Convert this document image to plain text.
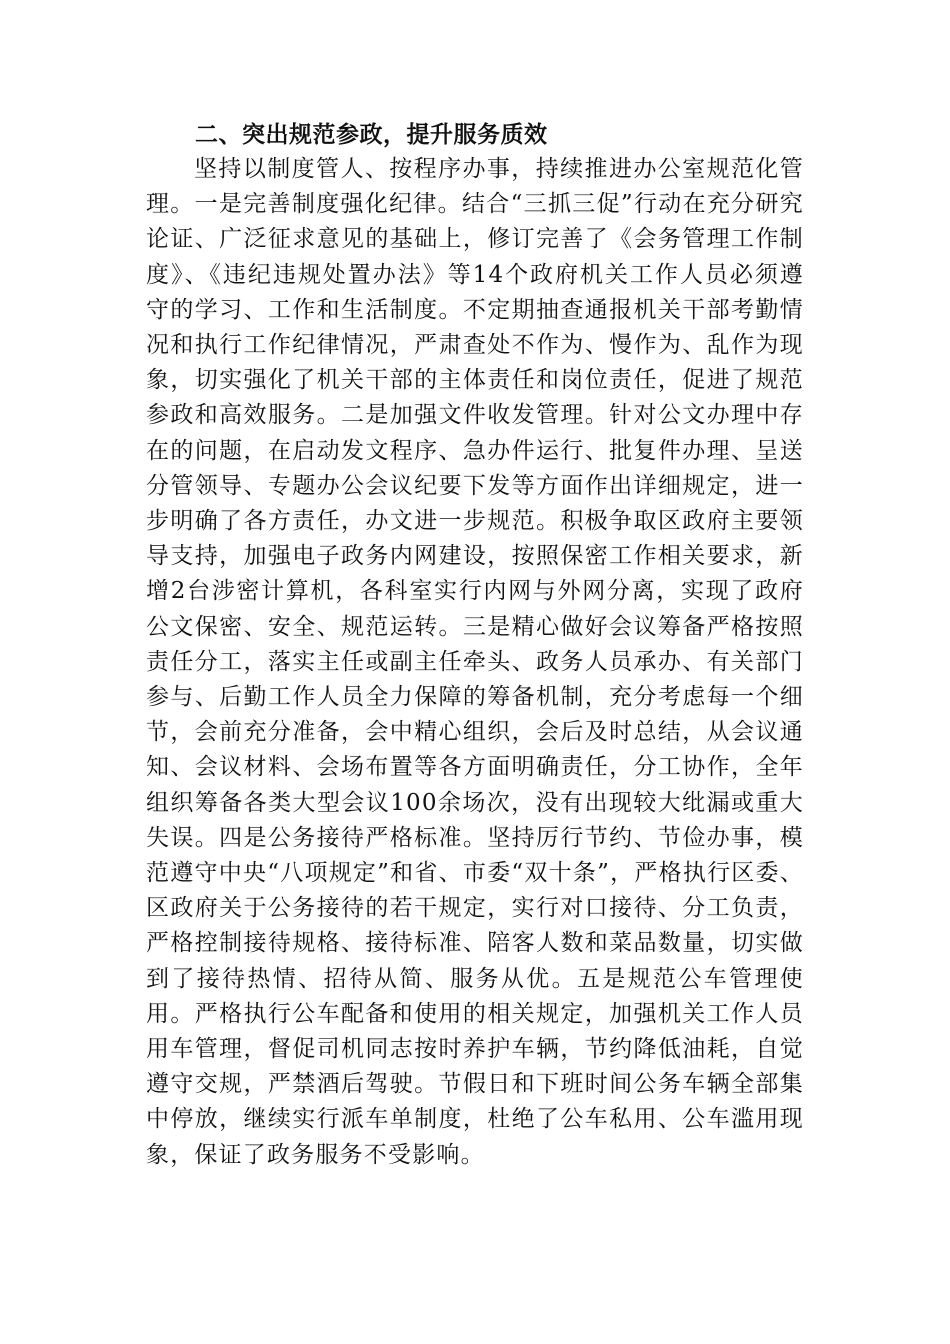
二、突出规范参政，提升服务质效

坚持以制度管人、按程序办事，持续推进办公室规范化管理。一是完善制度强化纪律。结合“三抓三促”行动在充分研究论证、广泛征求意见的基础上，修订完善了《会务管理工作制度》、《违纪违规处置办法》等14个政府机关工作人员必须遵守的学习、工作和生活制度。不定期抽查通报机关干部考勤情况和执行工作纪律情况，严肃查处不作为、慢作为、乱作为现象，切实强化了机关干部的主体责任和岗位责任，促进了规范参政和高效服务。二是加强文件收发管理。针对公文办理中存在的问题，在启动发文程序、急办件运行、批复件办理、呈送分管领导、专题办公会议纪要下发等方面作出详细规定，进一步明确了各方责任，办文进一步规范。积极争取区政府主要领导支持，加强电子政务内网建设，按照保密工作相关要求，新增2台涉密计算机，各科室实行内网与外网分离，实现了政府公文保密、安全、规范运转。三是精心做好会议筹备严格按照责任分工，落实主任或副主任牵头、政务人员承办、有关部门参与、后勤工作人员全力保障的筹备机制，充分考虑每一个细节，会前充分准备，会中精心组织，会后及时总结，从会议通知、会议材料、会场布置等各方面明确责任，分工协作，全年组织筹备各类大型会议100余场次，没有出现较大纰漏或重大失误。四是公务接待严格标准。坚持厉行节约、节俭办事，模范遵守中央“八项规定”和省、市委“双十条”，严格执行区委、区政府关于公务接待的若干规定，实行对口接待、分工负责，严格控制接待规格、接待标准、陪客人数和菜品数量，切实做到了接待热情、招待从简、服务从优。五是规范公车管理使用。严格执行公车配备和使用的相关规定，加强机关工作人员用车管理，督促司机同志按时养护车辆，节约降低油耗，自觉遵守交规，严禁酒后驾驶。节假日和下班时间公务车辆全部集中停放，继续实行派车单制度，杜绝了公车私用、公车滥用现象，保证了政务服务不受影响。
